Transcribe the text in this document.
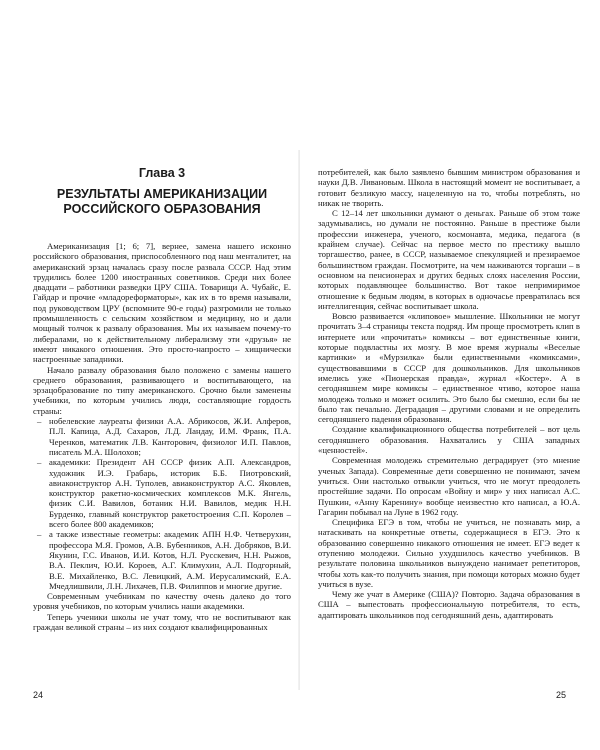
Глава 3
РЕЗУЛЬТАТЫ АМЕРИКАНИЗАЦИИ
РОССИЙСКОГО ОБРАЗОВАНИЯ

Американизация [1; 6; 7], вернее, замена нашего исконно российского образования, приспособленного под наш менталитет, на американский эрзац началась сразу после развала СССР. Над этим трудились более 1200 иностранных советников. Среди них более двадцати – работники разведки ЦРУ США. Товарищи А. Чубайс, Е. Гайдар и прочие «младореформаторы», как их в то время называли, под руководством ЦРУ (вспомните 90-е годы) разгромили не только промышленность с сельским хозяйством и медицину, но и дали мощный толчок к развалу образования. Мы их называем почему-то либералами, но к действительному либерализму эти «друзья» не имеют никакого отношения. Это просто-напросто – хищнически настроенные западники.

Начало развалу образования было положено с замены нашего среднего образования, развивающего и воспитывающего, на эрзацобразование по типу американского. Срочно были заменены учебники, по которым учились люди, составляющие гордость страны:

– нобелевские лауреаты физики А.А. Абрикосов, Ж.И. Алферов, П.Л. Капица, А.Д. Сахаров, Л.Д. Ландау, И.М. Франк, П.А. Черенков, математик Л.В. Канторович, физиолог И.П. Павлов, писатель М.А. Шолохов;
– академики: Президент АН СССР физик А.П. Александров, художник И.Э. Грабарь, историк Б.Б. Пиотровский, авиаконструктор А.Н. Туполев, авиаконструктор А.С. Яковлев, конструктор ракетно-космических комплексов М.К. Янгель, физик С.И. Вавилов, ботаник Н.И. Вавилов, медик Н.Н. Бурденко, главный конструктор ракетостроения С.П. Королев – всего более 800 академиков;
– а также известные геометры: академик АПН Н.Ф. Четверухин, профессора М.Я. Громов, А.В. Бубенников, А.Н. Добряков, В.И. Якунин, Г.С. Иванов, И.И. Котов, Н.Л. Русскевич, Н.Н. Рыжов, В.А. Пеклич, Ю.И. Короев, А.Г. Климухин, А.Л. Подгорный, В.Е. Михайленко, В.С. Левицкий, А.М. Иерусалимский, Е.А. Мчедлишвили, Л.Н. Лихачев, П.В. Филиппов и многие другие.

Современным учебникам по качеству очень далеко до того уровня учебников, по которым учились наши академики.

Теперь ученики школы не учат тому, что не воспитывают как граждан великой страны – из них создают квалифицированных

потребителей, как было заявлено бывшим министром образования и науки Д.В. Ливановым. Школа в настоящий момент не воспитывает, а готовит безликую массу, нацеленную на то, чтобы потреблять, но никак не творить.

С 12–14 лет школьники думают о деньгах. Раньше об этом тоже задумывались, но думали не постоянно. Раньше в престиже были профессии инженера, ученого, космонавта, медика, педагога (в крайнем случае). Сейчас на первое место по престижу вышло торгашество, ранее, в СССР, называемое спекуляцией и презираемое большинством граждан. Посмотрите, на чем наживаются торгаши – в основном на пенсионерах и других бедных слоях населения России, которых подавляющее большинство. Вот такое непримиримое отношение к бедным людям, в которых в одночасье превратилась вся интеллигенция, сейчас воспитывает школа.

Вовсю развивается «клиповое» мышление. Школьники не могут прочитать 3–4 страницы текста подряд. Им проще просмотреть клип в интернете или «прочитать» комиксы – вот единственные книги, которые подвластны их мозгу. В мое время журналы «Веселые картинки» и «Мурзилка» были единственными «комиксами», существовавшими в СССР для дошкольников. Для школьников имелись уже «Пионерская правда», журнал «Костер». А в сегодняшнем мире комиксы – единственное чтиво, которое наша молодежь только и может осилить. Это было бы смешно, если бы не было так печально. Деградация – другими словами и не определить сегодняшнего падения образования.

Создание квалификационного общества потребителей – вот цель сегодняшнего образования. Нахватались у США западных «ценностей».

Современная молодежь стремительно деградирует (это мнение ученых Запада). Современные дети совершенно не понимают, зачем учиться. Они настолько отвыкли учиться, что не могут преодолеть простейшие задачи. По опросам «Войну и мир» у них написал А.С. Пушкин, «Анну Каренину» вообще неизвестно кто написал, а Ю.А. Гагарин побывал на Луне в 1962 году.

Специфика ЕГЭ в том, чтобы не учиться, не познавать мир, а натаскивать на конкретные ответы, содержащиеся в ЕГЭ. Это к образованию совершенно никакого отношения не имеет. ЕГЭ ведет к отупению молодежи. Сильно ухудшилось качество учебников. В результате половина школьников вынуждено нанимает репетиторов, чтобы хоть как-то получить знания, при помощи которых можно будет учиться в вузе.

Чему же учат в Америке (США)? Повторю. Задача образования в США – выпестовать профессиональную потребителя, то есть, адаптировать школьников под сегодняшний день, адаптировать

24	25
